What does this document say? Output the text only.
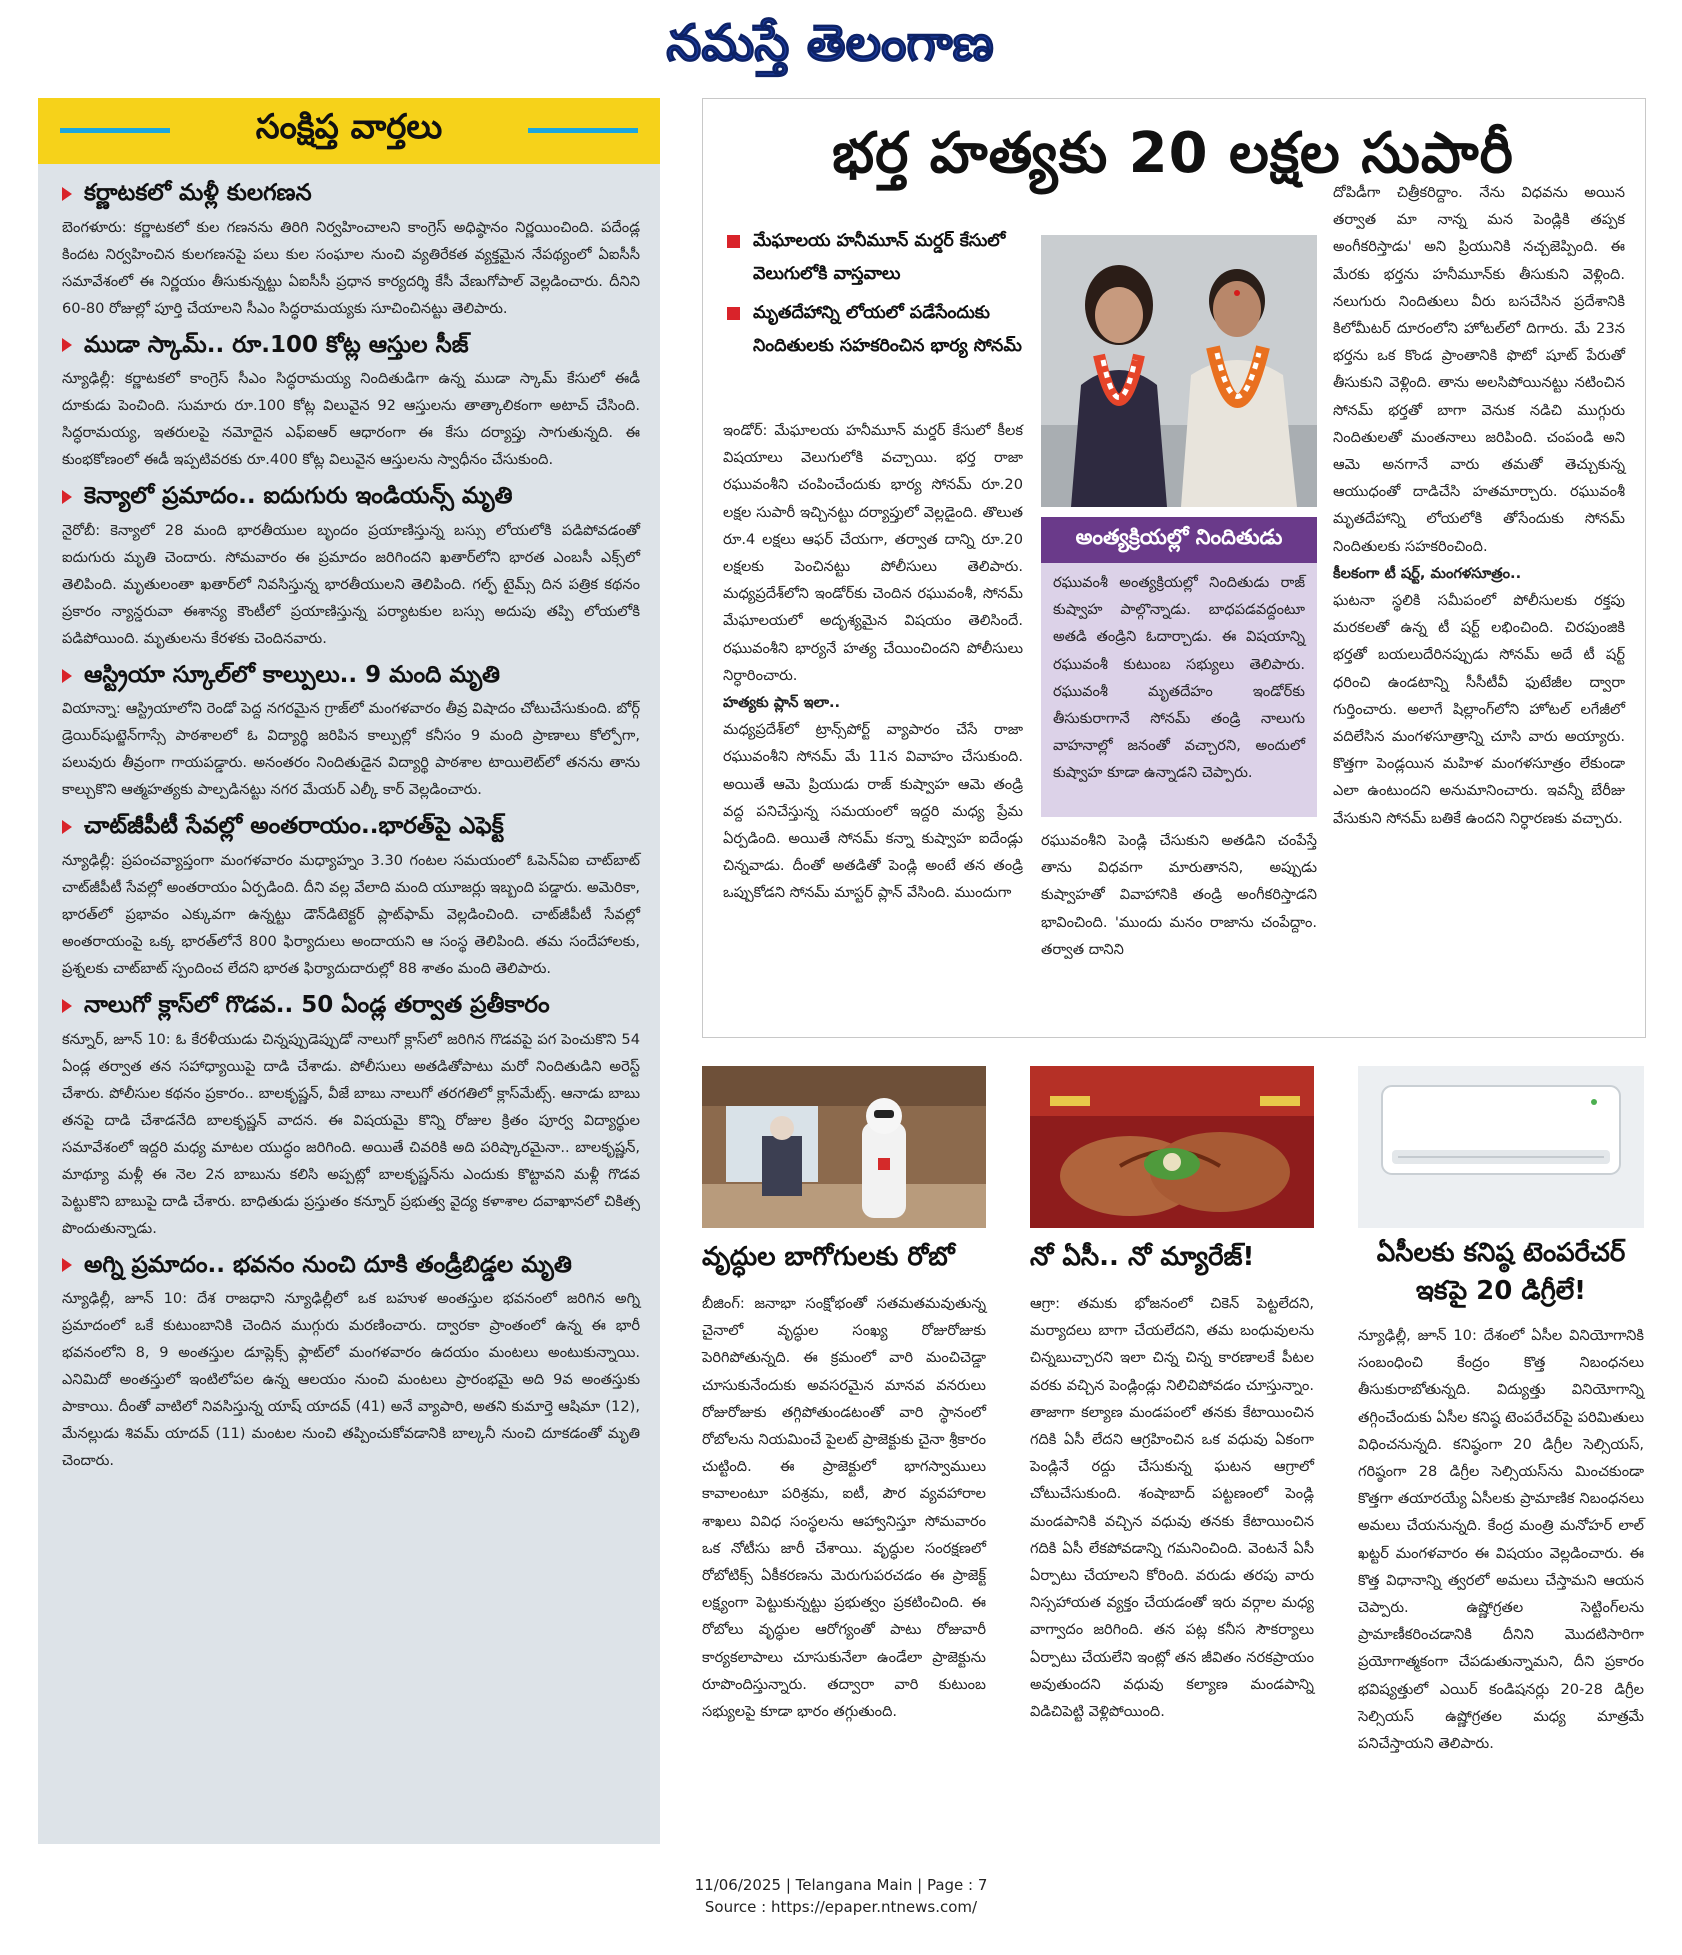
నమస్తే తెలంగాణ
సంక్షిప్త వార్తలు
కర్ణాటకలో మళ్లీ కులగణన

బెంగళూరు: కర్ణాటకలో కుల గణనను తిరిగి నిర్వహించాలని కాంగ్రెస్ అధిష్ఠానం నిర్ణయించింది. పదేండ్ల కిందట నిర్వహించిన కులగణనపై పలు కుల సంఘాల నుంచి వ్యతిరేకత వ్యక్తమైన నేపథ్యంలో ఏఐసీసీ సమావేశంలో ఈ నిర్ణయం తీసుకున్నట్టు ఏఐసీసీ ప్రధాన కార్యదర్శి కేసీ వేణుగోపాల్ వెల్లడించారు. దీనిని 60-80 రోజుల్లో పూర్తి చేయాలని సీఎం సిద్ధరామయ్యకు సూచించినట్టు తెలిపారు.

ముడా స్కామ్.. రూ.100 కోట్ల ఆస్తుల సీజ్

న్యూఢిల్లీ: కర్ణాటకలో కాంగ్రెస్ సీఎం సిద్ధరామయ్య నిందితుడిగా ఉన్న ముడా స్కామ్ కేసులో ఈడీ దూకుడు పెంచింది. సుమారు రూ.100 కోట్ల విలువైన 92 ఆస్తులను తాత్కాలికంగా అటాచ్ చేసింది. సిద్ధరామయ్య, ఇతరులపై నమోదైన ఎఫ్ఐఆర్ ఆధారంగా ఈ కేసు దర్యాప్తు సాగుతున్నది. ఈ కుంభకోణంలో ఈడీ ఇప్పటివరకు రూ.400 కోట్ల విలువైన ఆస్తులను స్వాధీనం చేసుకుంది.

కెన్యాలో ప్రమాదం.. ఐదుగురు ఇండియన్స్ మృతి

నైరోబీ: కెన్యాలో 28 మంది భారతీయుల బృందం ప్రయాణిస్తున్న బస్సు లోయలోకి పడిపోవడంతో ఐదుగురు మృతి చెందారు. సోమవారం ఈ ప్రమాదం జరిగిందని ఖతార్‌లోని భారత ఎంబసీ ఎక్స్‌లో తెలిపింది. మృతులంతా ఖతార్‌లో నివసిస్తున్న భారతీయులని తెలిపింది. గల్ఫ్ టైమ్స్ దిన పత్రిక కథనం ప్రకారం న్యాన్డరువా ఈశాన్య కౌంటీలో ప్రయాణిస్తున్న పర్యాటకుల బస్సు అదుపు తప్పి లోయలోకి పడిపోయింది. మృతులను కేరళకు చెందినవారు.

ఆస్ట్రియా స్కూల్‌లో కాల్పులు.. 9 మంది మృతి

వియాన్నా: ఆస్ట్రియాలోని రెండో పెద్ద నగరమైన గ్రాజ్‌లో మంగళవారం తీవ్ర విషాదం చోటుచేసుకుంది. బోర్గ్ డ్రెయిర్‌షుట్జెన్‌గాస్సే పాఠశాలలో ఓ విద్యార్థి జరిపిన కాల్పుల్లో కనీసం 9 మంది ప్రాణాలు కోల్పోగా, పలువురు తీవ్రంగా గాయపడ్డారు. అనంతరం నిందితుడైన విద్యార్థి పాఠశాల టాయిలెట్‌లో తనను తాను కాల్చుకొని ఆత్మహత్యకు పాల్పడినట్టు నగర మేయర్ ఎల్కీ కార్ వెల్లడించారు.

చాట్‌జీపీటీ సేవల్లో అంతరాయం..భారత్‌పై ఎఫెక్ట్

న్యూఢిల్లీ: ప్రపంచవ్యాప్తంగా మంగళవారం మధ్యాహ్నం 3.30 గంటల సమయంలో ఓపెన్ఏఐ చాట్‌బాట్ చాట్‌జీపీటీ సేవల్లో అంతరాయం ఏర్పడింది. దీని వల్ల వేలాది మంది యూజర్లు ఇబ్బంది పడ్డారు. అమెరికా, భారత్‌లో ప్రభావం ఎక్కువగా ఉన్నట్టు డౌన్‌డిటెక్టర్ ప్లాట్‌ఫామ్ వెల్లడించింది. చాట్‌జీపీటీ సేవల్లో అంతరాయంపై ఒక్క భారత్‌లోనే 800 ఫిర్యాదులు అందాయని ఆ సంస్థ తెలిపింది. తమ సందేహాలకు, ప్రశ్నలకు చాట్‌బాట్ స్పందించ లేదని భారత ఫిర్యాదుదారుల్లో 88 శాతం మంది తెలిపారు.

నాలుగో క్లాస్‌లో గొడవ.. 50 ఏండ్ల తర్వాత ప్రతీకారం

కన్నూర్, జూన్ 10: ఓ కేరళీయుడు చిన్నప్పుడెప్పుడో నాలుగో క్లాస్‌లో జరిగిన గొడవపై పగ పెంచుకొని 54 ఏండ్ల తర్వాత తన సహాధ్యాయిపై దాడి చేశాడు. పోలీసులు అతడితోపాటు మరో నిందితుడిని అరెస్ట్ చేశారు. పోలీసుల కథనం ప్రకారం.. బాలకృష్ణన్, వీజే బాబు నాలుగో తరగతిలో క్లాస్‌మేట్స్. ఆనాడు బాబు తనపై దాడి చేశాడనేది బాలకృష్ణన్ వాదన. ఈ విషయమై కొన్ని రోజుల క్రితం పూర్వ విద్యార్థుల సమావేశంలో ఇద్దరి మధ్య మాటల యుద్ధం జరిగింది. అయితే చివరికి అది పరిష్కారమైనా.. బాలకృష్ణన్, మాథ్యూ మళ్లీ ఈ నెల 2న బాబును కలిసి అప్పట్లో బాలకృష్ణన్‌ను ఎందుకు కొట్టావని మళ్లీ గొడవ పెట్టుకొని బాబుపై దాడి చేశారు. బాధితుడు ప్రస్తుతం కన్నూర్ ప్రభుత్వ వైద్య కళాశాల దవాఖానలో చికిత్స పొందుతున్నాడు.

అగ్ని ప్రమాదం.. భవనం నుంచి దూకి తండ్రీబిడ్డల మృతి

న్యూఢిల్లీ, జూన్ 10: దేశ రాజధాని న్యూఢిల్లీలో ఒక బహుళ అంతస్తుల భవనంలో జరిగిన అగ్ని ప్రమాదంలో ఒకే కుటుంబానికి చెందిన ముగ్గురు మరణించారు. ద్వారకా ప్రాంతంలో ఉన్న ఈ భారీ భవనంలోని 8, 9 అంతస్తుల డూప్లెక్స్ ఫ్లాట్‌లో మంగళవారం ఉదయం మంటలు అంటుకున్నాయి. ఎనిమిదో అంతస్తులో ఇంటిలోపల ఉన్న ఆలయం నుంచి మంటలు ప్రారంభమై అది 9వ అంతస్తుకు పాకాయి. దీంతో వాటిలో నివసిస్తున్న యాష్ యాదవ్ (41) అనే వ్యాపారి, అతని కుమార్తె ఆషిమా (12), మేనల్లుడు శివమ్ యాదవ్ (11) మంటల నుంచి తప్పించుకోవడానికి బాల్కనీ నుంచి దూకడంతో మృతి చెందారు.

భర్త హత్యకు 20 లక్షల సుపారీ
మేఘాలయ హనీమూన్ మర్డర్ కేసులో వెలుగులోకి వాస్తవాలు
మృతదేహాన్ని లోయలో పడేసేందుకు నిందితులకు సహకరించిన భార్య సోనమ్
ఇండోర్: మేఘాలయ హనీమూన్ మర్డర్ కేసులో కీలక విషయాలు వెలుగులోకి వచ్చాయి. భర్త రాజా రఘువంశీని చంపించేందుకు భార్య సోనమ్ రూ.20 లక్షల సుపారీ ఇచ్చినట్టు దర్యాప్తులో వెల్లడైంది. తొలుత రూ.4 లక్షలు ఆఫర్ చేయగా, తర్వాత దాన్ని రూ.20 లక్షలకు పెంచినట్టు పోలీసులు తెలిపారు. మధ్యప్రదేశ్‌లోని ఇండోర్‌కు చెందిన రఘువంశీ, సోనమ్ మేఘాలయలో అదృశ్యమైన విషయం తెలిసిందే. రఘువంశీని భార్యనే హత్య చేయించిందని పోలీసులు నిర్ధారించారు.
హత్యకు ప్లాన్ ఇలా..
మధ్యప్రదేశ్‌లో ట్రాన్స్‌పోర్ట్ వ్యాపారం చేసే రాజా రఘువంశీని సోనమ్ మే 11న వివాహం చేసుకుంది. అయితే ఆమె ప్రియుడు రాజ్ కుష్వాహ ఆమె తండ్రి వద్ద పనిచేస్తున్న సమయంలో ఇద్దరి మధ్య ప్రేమ ఏర్పడింది. అయితే సోనమ్ కన్నా కుష్వాహ ఐదేండ్లు చిన్నవాడు. దీంతో అతడితో పెండ్లి అంటే తన తండ్రి ఒప్పుకోడని సోనమ్ మాస్టర్ ప్లాన్ వేసింది. ముందుగా
అంత్యక్రియల్లో నిందితుడు
రఘువంశీ అంత్యక్రియల్లో నిందితుడు రాజ్ కుష్వాహ పాల్గొన్నాడు. బాధపడవద్దంటూ అతడి తండ్రిని ఓదార్చాడు. ఈ విషయాన్ని రఘువంశీ కుటుంబ సభ్యులు తెలిపారు. రఘువంశీ మృతదేహం ఇండోర్‌కు తీసుకురాగానే సోనమ్ తండ్రి నాలుగు వాహనాల్లో జనంతో వచ్చారని, అందులో కుష్వాహ కూడా ఉన్నాడని చెప్పారు.
రఘువంశీని పెండ్లి చేసుకుని అతడిని చంపేస్తే తాను విధవగా మారుతానని, అప్పుడు కుష్వాహతో వివాహానికి తండ్రి అంగీకరిస్తాడని భావించింది. 'ముందు మనం రాజాను చంపేద్దాం. తర్వాత దానిని
దోపిడీగా చిత్రీకరిద్దాం. నేను విధవను అయిన తర్వాత మా నాన్న మన పెండ్లికి తప్పక అంగీకరిస్తాడు' అని ప్రియునికి నచ్చజెప్పింది. ఈ మేరకు భర్తను హనీమూన్‌కు తీసుకుని వెళ్లింది. నలుగురు నిందితులు వీరు బసచేసిన ప్రదేశానికి కిలోమీటర్ దూరంలోని హోటల్‌లో దిగారు. మే 23న భర్తను ఒక కొండ ప్రాంతానికి ఫొటో షూట్ పేరుతో తీసుకుని వెళ్లింది. తాను అలసిపోయినట్టు నటించిన సోనమ్ భర్తతో బాగా వెనుక నడిచి ముగ్గురు నిందితులతో మంతనాలు జరిపింది. చంపండి అని ఆమె అనగానే వారు తమతో తెచ్చుకున్న ఆయుధంతో దాడిచేసి హతమార్చారు. రఘువంశీ మృతదేహాన్ని లోయలోకి తోసేందుకు సోనమ్ నిందితులకు సహకరించింది.
కీలకంగా టీ షర్ట్, మంగళసూత్రం..
ఘటనా స్థలికి సమీపంలో పోలీసులకు రక్తపు మరకలతో ఉన్న టీ షర్ట్ లభించింది. చిరపుంజికి భర్తతో బయలుదేరినప్పుడు సోనమ్ అదే టీ షర్ట్ ధరించి ఉండటాన్ని సీసీటీవీ ఫుటేజీల ద్వారా గుర్తించారు. అలాగే షిల్లాంగ్‌లోని హోటల్ లగేజీలో వదిలేసిన మంగళసూత్రాన్ని చూసి వారు అయ్యారు. కొత్తగా పెండ్లయిన మహిళ మంగళసూత్రం లేకుండా ఎలా ఉంటుందని అనుమానించారు. ఇవన్నీ బేరీజు వేసుకుని సోనమ్ బతికే ఉందని నిర్ధారణకు వచ్చారు.
వృద్ధుల బాగోగులకు రోబో
బీజింగ్: జనాభా సంక్షోభంతో సతమతమవుతున్న చైనాలో వృద్ధుల సంఖ్య రోజురోజుకు పెరిగిపోతున్నది. ఈ క్రమంలో వారి మంచిచెడ్డా చూసుకునేందుకు అవసరమైన మానవ వనరులు రోజురోజుకు తగ్గిపోతుండటంతో వారి స్థానంలో రోబోలను నియమించే పైలట్ ప్రాజెక్టుకు చైనా శ్రీకారం చుట్టింది. ఈ ప్రాజెక్టులో భాగస్వాములు కావాలంటూ పరిశ్రమ, ఐటీ, పౌర వ్యవహారాల శాఖలు వివిధ సంస్థలను ఆహ్వానిస్తూ సోమవారం ఒక నోటీసు జారీ చేశాయి. వృద్ధుల సంరక్షణలో రోబోటిక్స్ ఏకీకరణను మెరుగుపరచడం ఈ ప్రాజెక్ట్ లక్ష్యంగా పెట్టుకున్నట్టు ప్రభుత్వం ప్రకటించింది. ఈ రోబోలు వృద్ధుల ఆరోగ్యంతో పాటు రోజువారీ కార్యకలాపాలు చూసుకునేలా ఉండేలా ప్రాజెక్టును రూపొందిస్తున్నారు. తద్వారా వారి కుటుంబ సభ్యులపై కూడా భారం తగ్గుతుంది.
నో ఏసీ.. నో మ్యారేజ్!
ఆగ్రా: తమకు భోజనంలో చికెన్ పెట్టలేదని, మర్యాదలు బాగా చేయలేదని, తమ బంధువులను చిన్నబుచ్చారని ఇలా చిన్న చిన్న కారణాలకే పీటల వరకు వచ్చిన పెండ్లిండ్లు నిలిచిపోవడం చూస్తున్నాం. తాజాగా కల్యాణ మండపంలో తనకు కేటాయించిన గదికి ఏసీ లేదని ఆగ్రహించిన ఒక వధువు ఏకంగా పెండ్లినే రద్దు చేసుకున్న ఘటన ఆగ్రాలో చోటుచేసుకుంది. శంషాబాద్ పట్టణంలో పెండ్లి మండపానికి వచ్చిన వధువు తనకు కేటాయించిన గదికి ఏసీ లేకపోవడాన్ని గమనించింది. వెంటనే ఏసీ ఏర్పాటు చేయాలని కోరింది. వరుడు తరపు వారు నిస్సహాయత వ్యక్తం చేయడంతో ఇరు వర్గాల మధ్య వాగ్వాదం జరిగింది. తన పట్ల కనీస సౌకర్యాలు ఏర్పాటు చేయలేని ఇంట్లో తన జీవితం నరకప్రాయం అవుతుందని వధువు కల్యాణ మండపాన్ని విడిచిపెట్టి వెళ్లిపోయింది.
ఏసీలకు కనిష్ఠ టెంపరేచర్ ఇకపై 20 డిగ్రీలే!
న్యూఢిల్లీ, జూన్ 10: దేశంలో ఏసీల వినియోగానికి సంబంధించి కేంద్రం కొత్త నిబంధనలు తీసుకురాబోతున్నది. విద్యుత్తు వినియోగాన్ని తగ్గించేందుకు ఏసీల కనిష్ఠ టెంపరేచర్‌పై పరిమితులు విధించనున్నది. కనిష్ఠంగా 20 డిగ్రీల సెల్సియస్, గరిష్ఠంగా 28 డిగ్రీల సెల్సియస్‌ను మించకుండా కొత్తగా తయారయ్యే ఏసీలకు ప్రామాణిక నిబంధనలు అమలు చేయనున్నది. కేంద్ర మంత్రి మనోహర్ లాల్ ఖట్టర్ మంగళవారం ఈ విషయం వెల్లడించారు. ఈ కొత్త విధానాన్ని త్వరలో అమలు చేస్తామని ఆయన చెప్పారు. ఉష్ణోగ్రతల సెట్టింగ్‌లను ప్రామాణీకరించడానికి దీనిని మొదటిసారిగా ప్రయోగాత్మకంగా చేపడుతున్నామని, దీని ప్రకారం భవిష్యత్తులో ఎయిర్ కండిషనర్లు 20-28 డిగ్రీల సెల్సియస్ ఉష్ణోగ్రతల మధ్య మాత్రమే పనిచేస్తాయని తెలిపారు.
11/06/2025 | Telangana Main | Page : 7
Source : https://epaper.ntnews.com/
